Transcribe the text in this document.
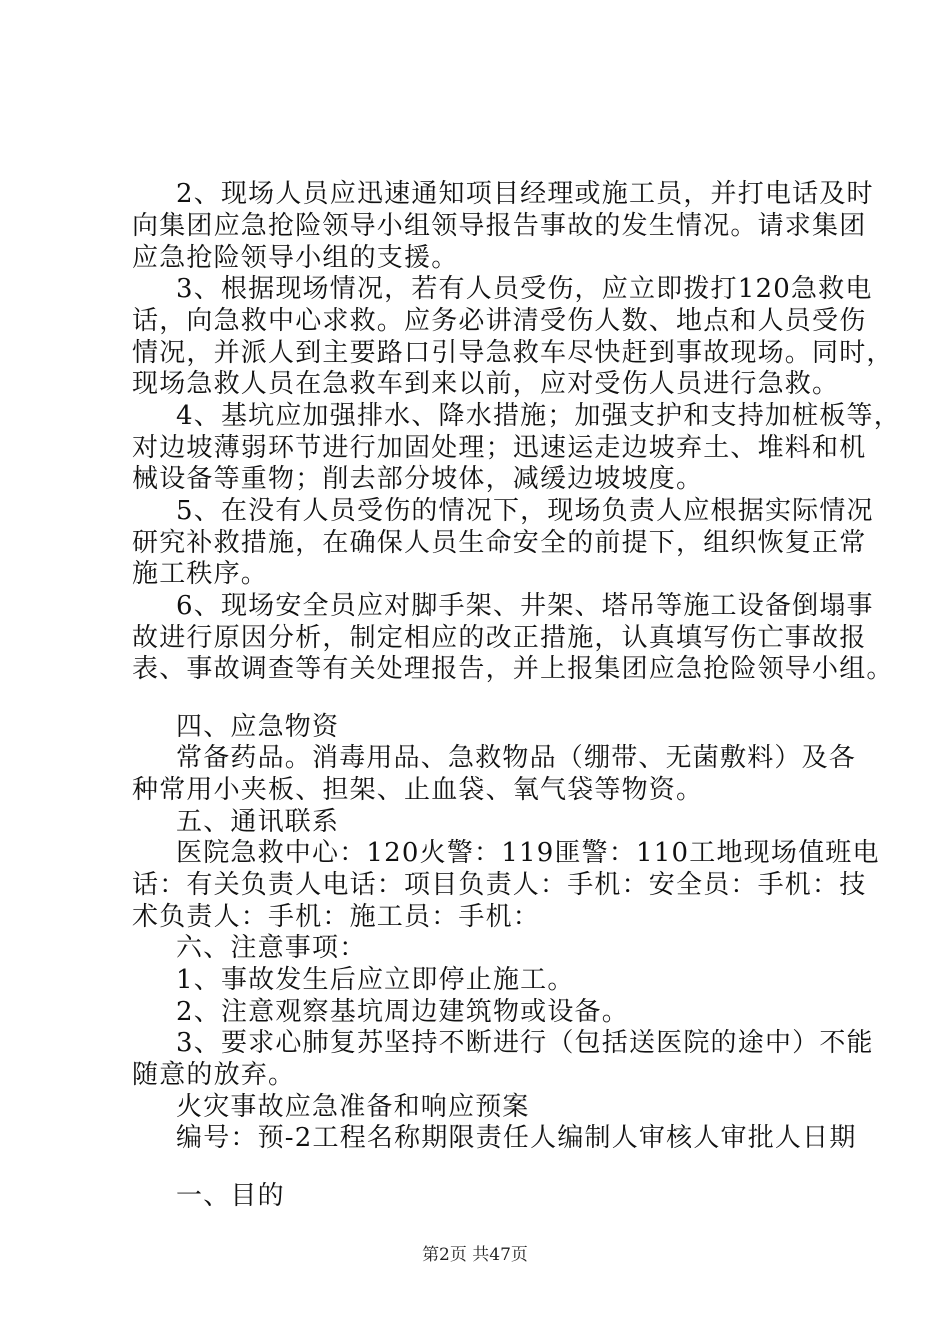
2、现场人员应迅速通知项目经理或施工员，并打电话及时
向集团应急抢险领导小组领导报告事故的发生情况。请求集团
应急抢险领导小组的支援。
3、根据现场情况，若有人员受伤，应立即拨打120急救电
话，向急救中心求救。应务必讲清受伤人数、地点和人员受伤
情况，并派人到主要路口引导急救车尽快赶到事故现场。同时，
现场急救人员在急救车到来以前，应对受伤人员进行急救。
4、基坑应加强排水、降水措施；加强支护和支持加桩板等，
对边坡薄弱环节进行加固处理；迅速运走边坡弃土、堆料和机
械设备等重物；削去部分坡体，减缓边坡坡度。
5、在没有人员受伤的情况下，现场负责人应根据实际情况
研究补救措施，在确保人员生命安全的前提下，组织恢复正常
施工秩序。
6、现场安全员应对脚手架、井架、塔吊等施工设备倒塌事
故进行原因分析，制定相应的改正措施，认真填写伤亡事故报
表、事故调查等有关处理报告，并上报集团应急抢险领导小组。
四、应急物资
常备药品。消毒用品、急救物品（绷带、无菌敷料）及各
种常用小夹板、担架、止血袋、氧气袋等物资。
五、通讯联系
医院急救中心：120火警：119匪警：110工地现场值班电
话：有关负责人电话：项目负责人：手机：安全员：手机：技
术负责人：手机：施工员：手机：
六、注意事项：
1、事故发生后应立即停止施工。
2、注意观察基坑周边建筑物或设备。
3、要求心肺复苏坚持不断进行（包括送医院的途中）不能
随意的放弃。
火灾事故应急准备和响应预案
编号：预-2工程名称期限责任人编制人审核人审批人日期
一、目的
第2页 共47页
